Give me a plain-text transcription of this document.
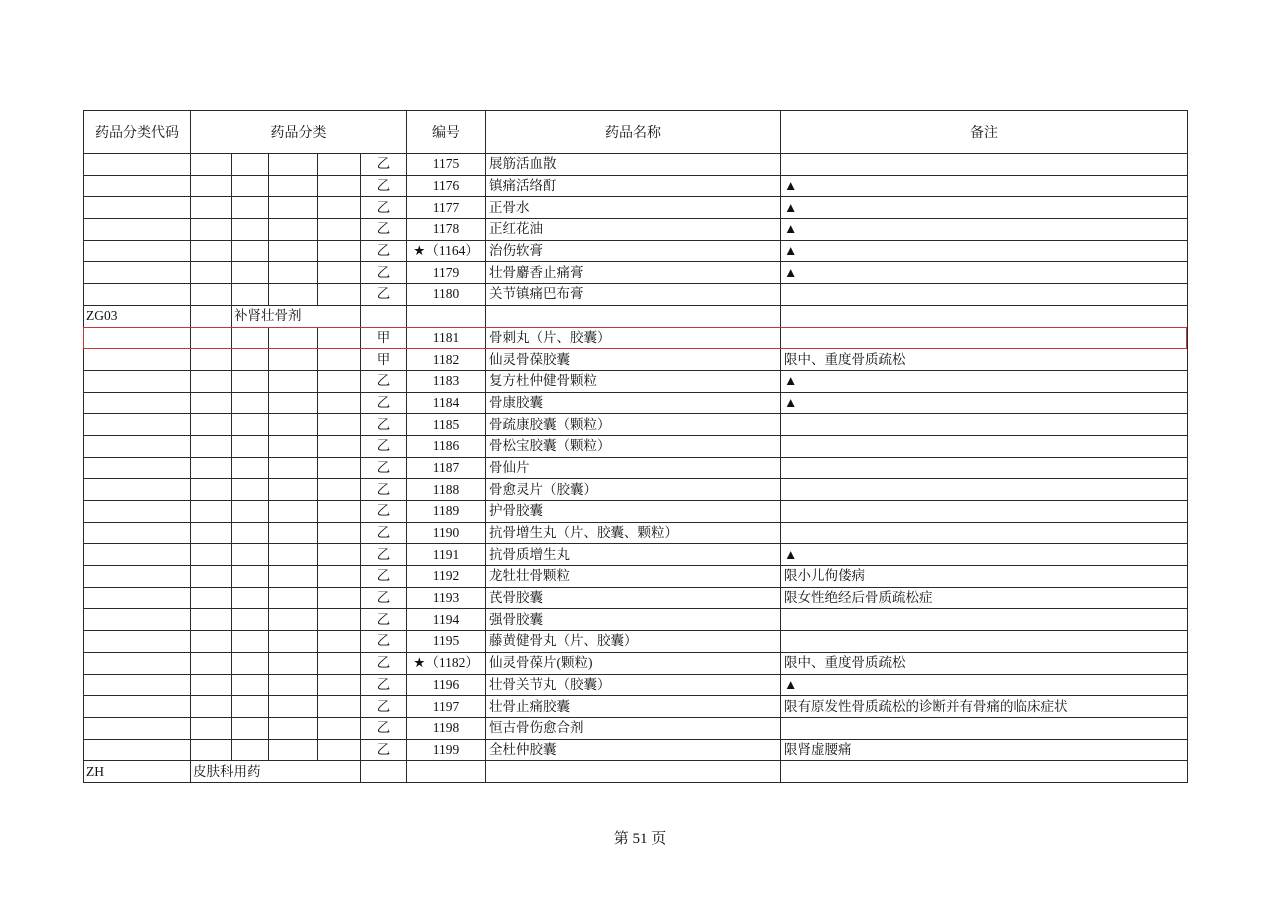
药品分类代码	药品分类					编号	药品名称	备注
					乙	1175	展筋活血散	
					乙	1176	镇痛活络酊	▲
					乙	1177	正骨水	▲
					乙	1178	正红花油	▲
					乙	★（1164）	治伤软膏	▲
					乙	1179	壮骨麝香止痛膏	▲
					乙	1180	关节镇痛巴布膏	
ZG03		补肾壮骨剂						
					甲	1181	骨刺丸（片、胶囊）	
					甲	1182	仙灵骨葆胶囊	限中、重度骨质疏松
					乙	1183	复方杜仲健骨颗粒	▲
					乙	1184	骨康胶囊	▲
					乙	1185	骨疏康胶囊（颗粒）	
					乙	1186	骨松宝胶囊（颗粒）	
					乙	1187	骨仙片	
					乙	1188	骨愈灵片（胶囊）	
					乙	1189	护骨胶囊	
					乙	1190	抗骨增生丸（片、胶囊、颗粒）	
					乙	1191	抗骨质增生丸	▲
					乙	1192	龙牡壮骨颗粒	限小儿佝偻病
					乙	1193	芪骨胶囊	限女性绝经后骨质疏松症
					乙	1194	强骨胶囊	
					乙	1195	藤黄健骨丸（片、胶囊）	
					乙	★（1182）	仙灵骨葆片(颗粒)	限中、重度骨质疏松
					乙	1196	壮骨关节丸（胶囊）	▲
					乙	1197	壮骨止痛胶囊	限有原发性骨质疏松的诊断并有骨痛的临床症状
					乙	1198	恒古骨伤愈合剂	
					乙	1199	全杜仲胶囊	限肾虚腰痛
ZH	皮肤科用药							
第 51 页
